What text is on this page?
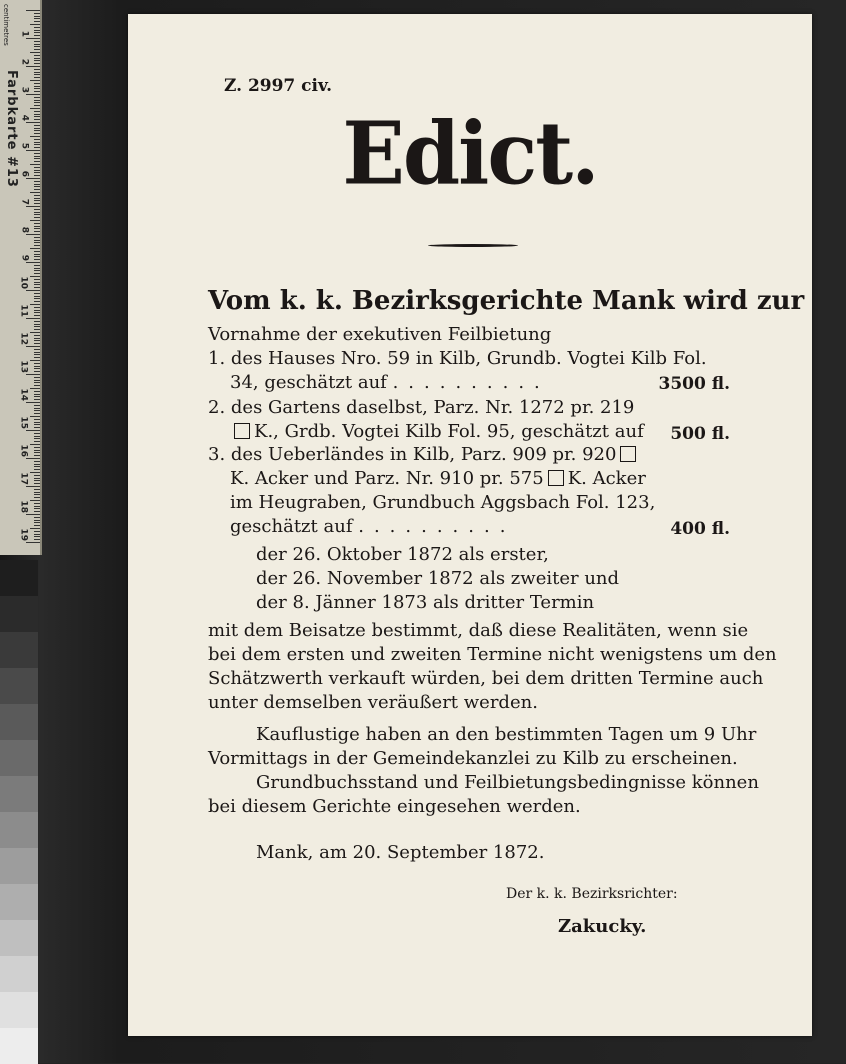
centimetres
Farbkarte #13
1
2
3
4
5
6
7
8
9
10
11
12
13
14
15
16
17
18
19
Z. 2997 civ.
Edict.
Vom k. k. Bezirksgerichte Mank wird zur
Vornahme der exekutiven Feilbietung
1. des Hauses Nro. 59 in Kilb, Grundb. Vogtei Kilb Fol.
34, geschätzt auf ..........	3500 fl.
2. des Gartens daselbst, Parz. Nr. 1272 pr. 219
K., Grdb. Vogtei Kilb Fol. 95, geschätzt auf 500 fl.
3. des Ueberländes in Kilb, Parz. 909 pr. 920
K. Acker und Parz. Nr. 910 pr. 575 K. Acker
im Heugraben, Grundbuch Aggsbach Fol. 123,
geschätzt auf ..........	400 fl.
der 26. Oktober 1872 als erster,
der 26. November 1872 als zweiter und
der 8. Jänner 1873 als dritter Termin
mit dem Beisatze bestimmt, daß diese Realitäten, wenn sie
bei dem ersten und zweiten Termine nicht wenigstens um den
Schätzwerth verkauft würden, bei dem dritten Termine auch
unter demselben veräußert werden.
Kauflustige haben an den bestimmten Tagen um 9 Uhr
Vormittags in der Gemeindekanzlei zu Kilb zu erscheinen.
Grundbuchsstand und Feilbietungsbedingnisse können
bei diesem Gerichte eingesehen werden.
Mank, am 20. September 1872.
Der k. k. Bezirksrichter:
Zakucky.
